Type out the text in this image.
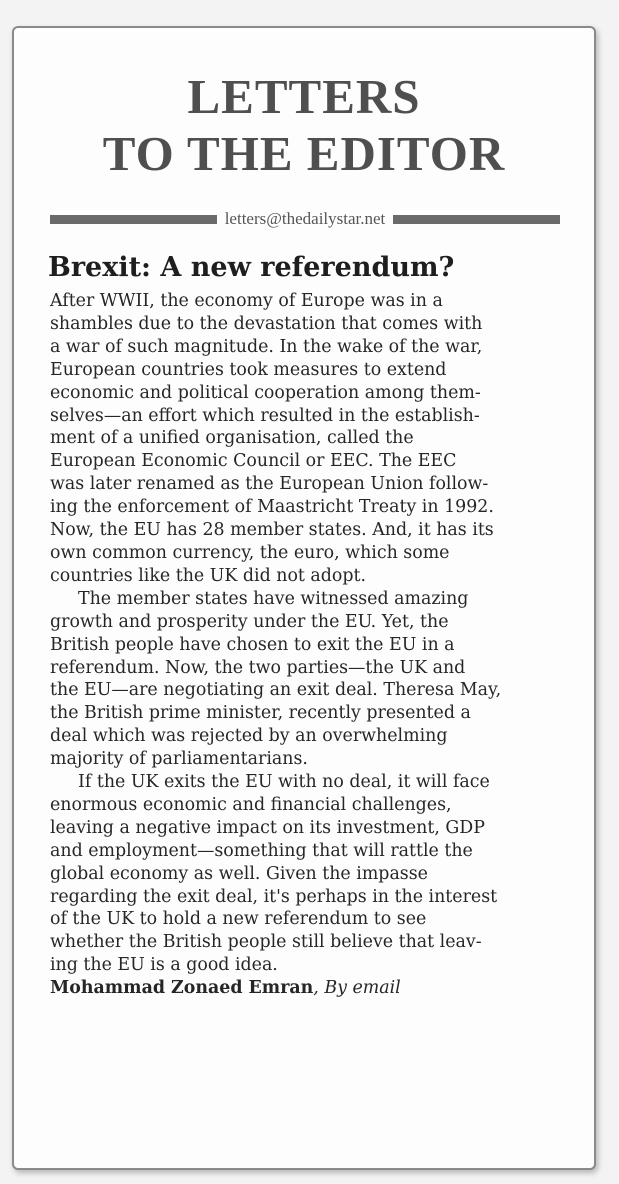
LETTERS
TO THE EDITOR
letters@thedailystar.net
Brexit: A new referendum?

After WWII, the economy of Europe was in a
shambles due to the devastation that comes with
a war of such magnitude. In the wake of the war,
European countries took measures to extend
economic and political cooperation among them-
selves—an effort which resulted in the establish-
ment of a unified organisation, called the
European Economic Council or EEC. The EEC
was later renamed as the European Union follow-
ing the enforcement of Maastricht Treaty in 1992.
Now, the EU has 28 member states. And, it has its
own common currency, the euro, which some
countries like the UK did not adopt.

The member states have witnessed amazing
growth and prosperity under the EU. Yet, the
British people have chosen to exit the EU in a
referendum. Now, the two parties—the UK and
the EU—are negotiating an exit deal. Theresa May,
the British prime minister, recently presented a
deal which was rejected by an overwhelming
majority of parliamentarians.

If the UK exits the EU with no deal, it will face
enormous economic and financial challenges,
leaving a negative impact on its investment, GDP
and employment—something that will rattle the
global economy as well. Given the impasse
regarding the exit deal, it's perhaps in the interest
of the UK to hold a new referendum to see
whether the British people still believe that leav-
ing the EU is a good idea.

Mohammad Zonaed Emran, By email
